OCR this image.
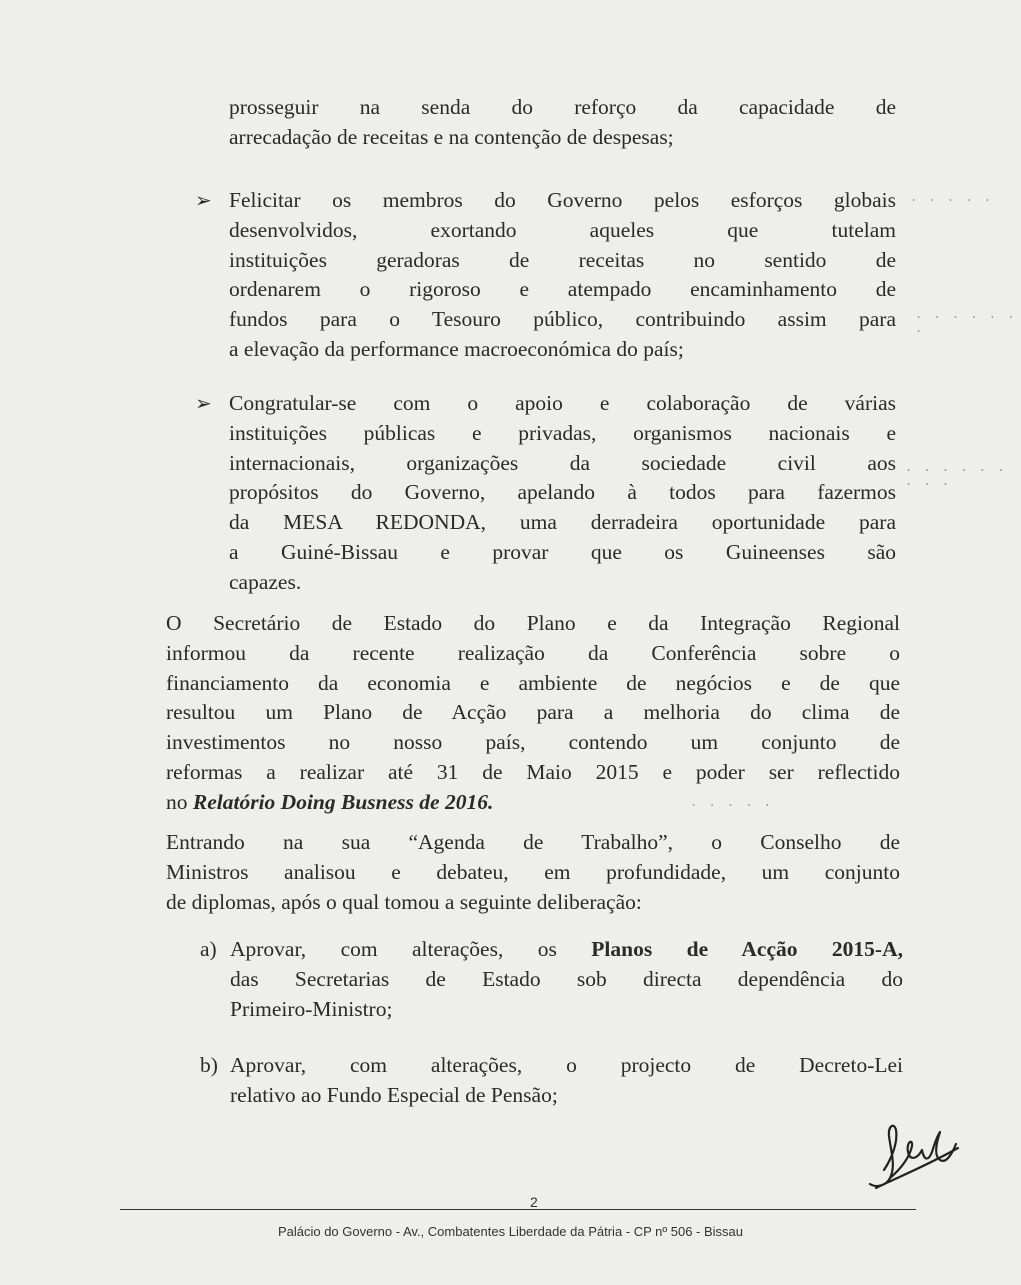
prosseguir na senda do reforço da capacidade de
arrecadação de receitas e na contenção de despesas;
➢ Felicitar os membros do Governo pelos esforços globais
desenvolvidos, exortando aqueles que tutelam
instituições geradoras de receitas no sentido de
ordenarem o rigoroso e atempado encaminhamento de
fundos para o Tesouro público, contribuindo assim para
a elevação da performance macroeconómica do país;
➢ Congratular-se com o apoio e colaboração de várias
instituições públicas e privadas, organismos nacionais e
internacionais, organizações da sociedade civil aos
propósitos do Governo, apelando à todos para fazermos
da MESA REDONDA, uma derradeira oportunidade para
a Guiné-Bissau e provar que os Guineenses são
capazes.
O Secretário de Estado do Plano e da Integração Regional
informou da recente realização da Conferência sobre o
financiamento da economia e ambiente de negócios e de que
resultou um Plano de Acção para a melhoria do clima de
investimentos no nosso país, contendo um conjunto de
reformas a realizar até 31 de Maio 2015 e poder ser reflectido
no Relatório Doing Busness de 2016.
Entrando na sua “Agenda de Trabalho”, o Conselho de
Ministros analisou e debateu, em profundidade, um conjunto
de diplomas, após o qual tomou a seguinte deliberação:
a) Aprovar, com alterações, os Planos de Acção 2015-A,
das Secretarias de Estado sob directa dependência do
Primeiro-Ministro;
b) Aprovar, com alterações, o projecto de Decreto-Lei
relativo ao Fundo Especial de Pensão;
. . . . .
. . . . . . .
. . . . . . . . .
. . . . .
2
Palácio do Governo - Av., Combatentes Liberdade da Pátria - CP nº 506 - Bissau
